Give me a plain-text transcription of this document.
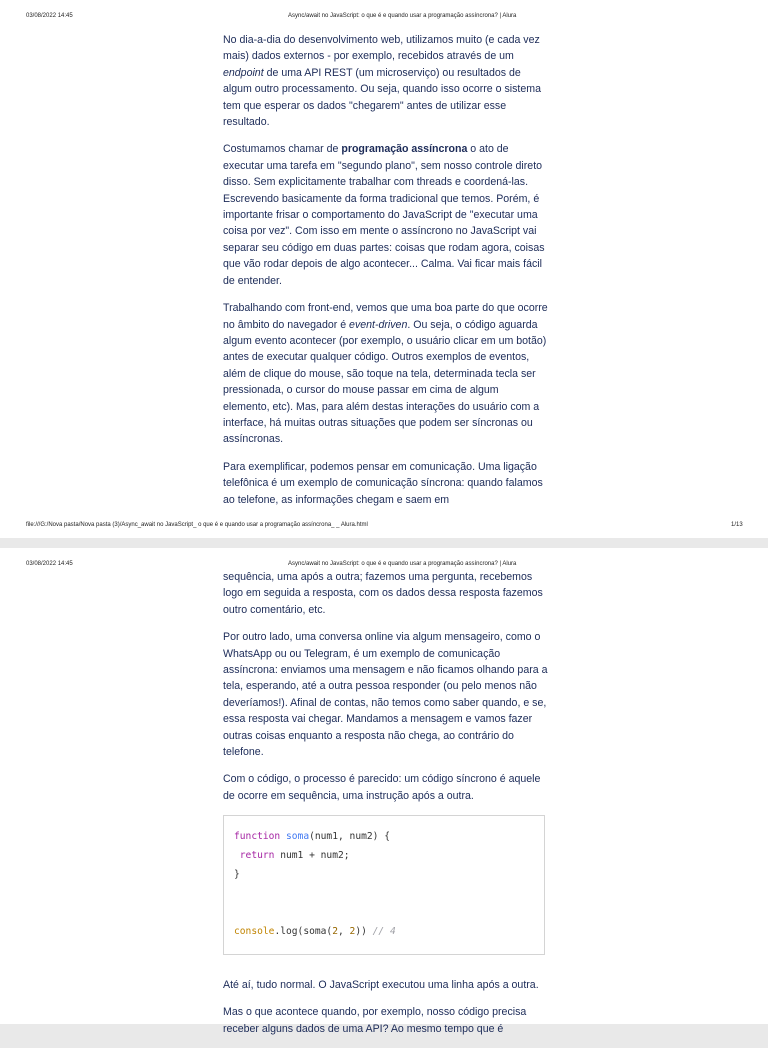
03/08/2022 14:45	Async/await no JavaScript: o que é e quando usar a programação assíncrona? | Alura

No dia-a-dia do desenvolvimento web, utilizamos muito (e cada vez mais) dados externos - por exemplo, recebidos através de um endpoint de uma API REST (um microserviço) ou resultados de algum outro processamento. Ou seja, quando isso ocorre o sistema tem que esperar os dados "chegarem" antes de utilizar esse resultado.

Costumamos chamar de programação assíncrona o ato de executar uma tarefa em "segundo plano", sem nosso controle direto disso. Sem explicitamente trabalhar com threads e coordená-las. Escrevendo basicamente da forma tradicional que temos. Porém, é importante frisar o comportamento do JavaScript de "executar uma coisa por vez". Com isso em mente o assíncrono no JavaScript vai separar seu código em duas partes: coisas que rodam agora, coisas que vão rodar depois de algo acontecer... Calma. Vai ficar mais fácil de entender.

Trabalhando com front-end, vemos que uma boa parte do que ocorre no âmbito do navegador é event-driven. Ou seja, o código aguarda algum evento acontecer (por exemplo, o usuário clicar em um botão) antes de executar qualquer código. Outros exemplos de eventos, além de clique do mouse, são toque na tela, determinada tecla ser pressionada, o cursor do mouse passar em cima de algum elemento, etc). Mas, para além destas interações do usuário com a interface, há muitas outras situações que podem ser síncronas ou assíncronas.

Para exemplificar, podemos pensar em comunicação. Uma ligação telefônica é um exemplo de comunicação síncrona: quando falamos ao telefone, as informações chegam e saem em

file:///G:/Nova pasta/Nova pasta (3)/Async_await no JavaScript_ o que é e quando usar a programação assíncrona_ _ Alura.html	1/13
03/08/2022 14:45	Async/await no JavaScript: o que é e quando usar a programação assíncrona? | Alura

sequência, uma após a outra; fazemos uma pergunta, recebemos logo em seguida a resposta, com os dados dessa resposta fazemos outro comentário, etc.

Por outro lado, uma conversa online via algum mensageiro, como o WhatsApp ou ou Telegram, é um exemplo de comunicação assíncrona: enviamos uma mensagem e não ficamos olhando para a tela, esperando, até a outra pessoa responder (ou pelo menos não deveríamos!). Afinal de contas, não temos como saber quando, e se, essa resposta vai chegar. Mandamos a mensagem e vamos fazer outras coisas enquanto a resposta não chega, ao contrário do telefone.

Com o código, o processo é parecido: um código síncrono é aquele de ocorre em sequência, uma instrução após a outra.

function soma(num1, num2) {
return num1 + num2;
}

console.log(soma(2, 2)) // 4

Até aí, tudo normal. O JavaScript executou uma linha após a outra.

Mas o que acontece quando, por exemplo, nosso código precisa receber alguns dados de uma API? Ao mesmo tempo que é
